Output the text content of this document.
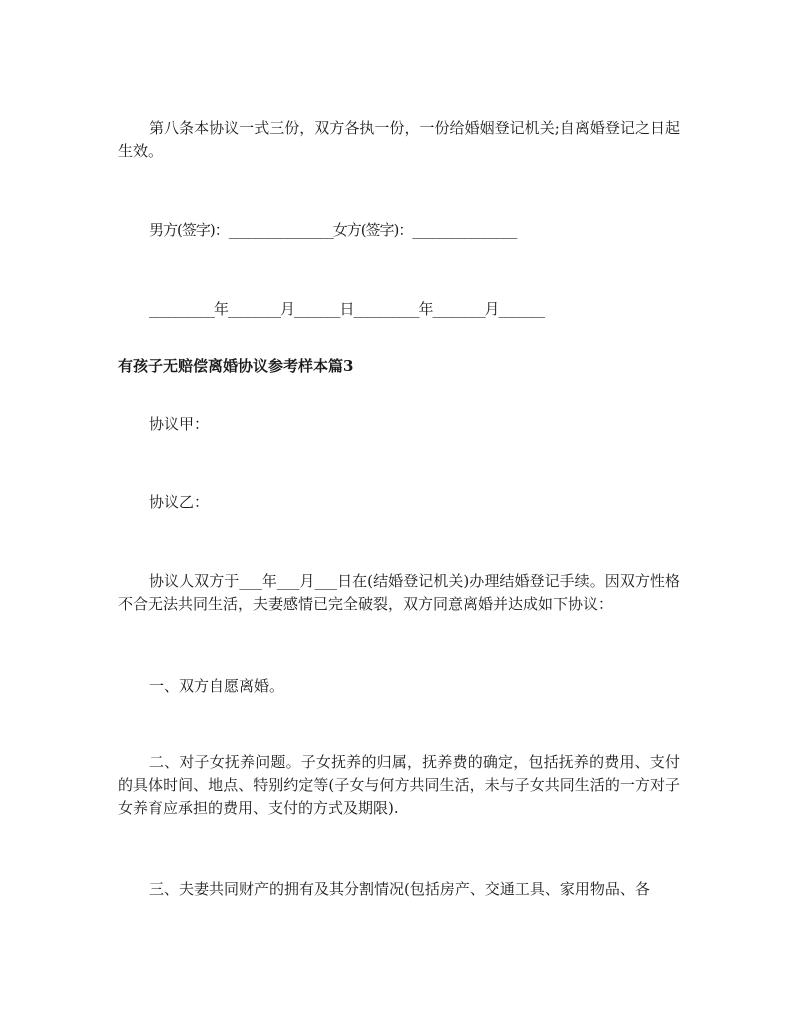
第八条本协议一式三份，双方各执一份，一份给婚姻登记机关;自离婚登记之日起生效。
男方(签字)：________________女方(签字)：________________
__________年________月_______日__________年________月_______
有孩子无赔偿离婚协议参考样本篇3
协议甲：
协议乙：
协议人双方于___年___月___日在(结婚登记机关)办理结婚登记手续。因双方性格不合无法共同生活，夫妻感情已完全破裂，双方同意离婚并达成如下协议：
一、双方自愿离婚。
二、对子女抚养问题。子女抚养的归属，抚养费的确定，包括抚养的费用、支付的具体时间、地点、特别约定等(子女与何方共同生活，未与子女共同生活的一方对子女养育应承担的费用、支付的方式及期限).
三、夫妻共同财产的拥有及其分割情况(包括房产、交通工具、家用物品、各
